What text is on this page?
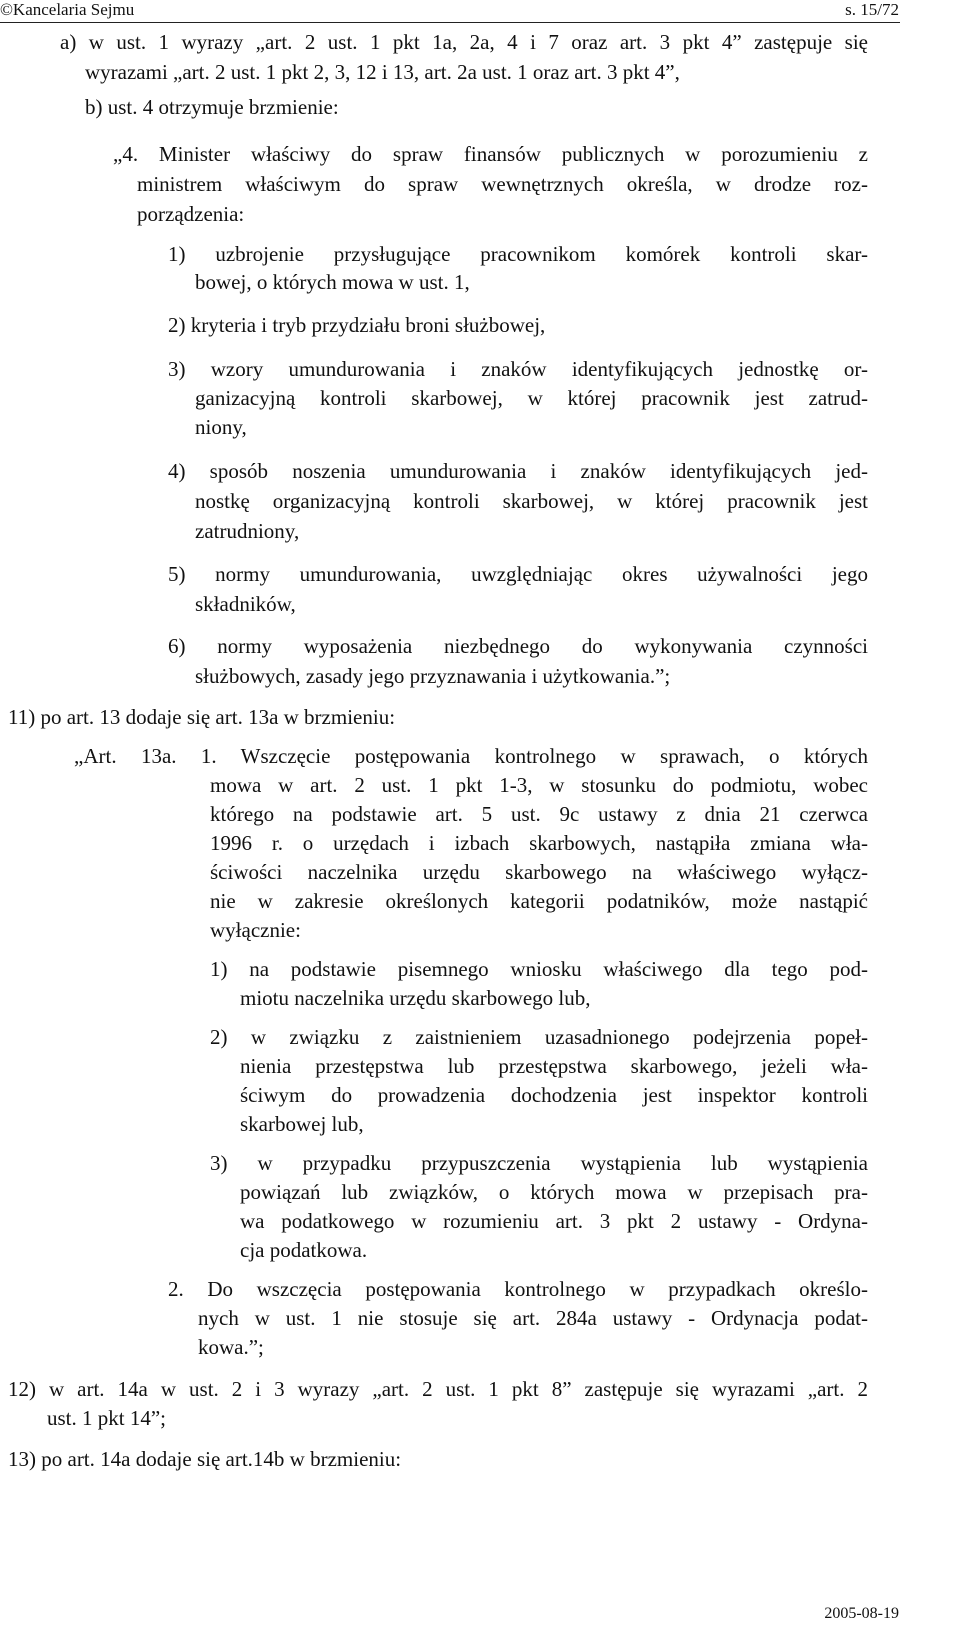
©Kancelaria Sejmu	s. 15/72
a) w ust. 1 wyrazy „art. 2 ust. 1 pkt 1a, 2a, 4 i 7 oraz art. 3 pkt 4” zastępuje się
wyrazami „art. 2 ust. 1 pkt 2, 3, 12 i 13, art. 2a ust. 1 oraz art. 3 pkt 4”,
b) ust. 4 otrzymuje brzmienie:
„4. Minister właściwy do spraw finansów publicznych w porozumieniu z
ministrem właściwym do spraw wewnętrznych określa, w drodze roz-
porządzenia:
1) uzbrojenie przysługujące pracownikom komórek kontroli skar-
bowej, o których mowa w ust. 1,
2) kryteria i tryb przydziału broni służbowej,
3) wzory umundurowania i znaków identyfikujących jednostkę or-
ganizacyjną kontroli skarbowej, w której pracownik jest zatrud-
niony,
4) sposób noszenia umundurowania i znaków identyfikujących jed-
nostkę organizacyjną kontroli skarbowej, w której pracownik jest
zatrudniony,
5) normy umundurowania, uwzględniając okres używalności jego
składników,
6) normy wyposażenia niezbędnego do wykonywania czynności
służbowych, zasady jego przyznawania i użytkowania.”;
11) po art. 13 dodaje się art. 13a w brzmieniu:
„Art. 13a. 1. Wszczęcie postępowania kontrolnego w sprawach, o których
mowa w art. 2 ust. 1 pkt 1-3, w stosunku do podmiotu, wobec
którego na podstawie art. 5 ust. 9c ustawy z dnia 21 czerwca
1996 r. o urzędach i izbach skarbowych, nastąpiła zmiana wła-
ściwości naczelnika urzędu skarbowego na właściwego wyłącz-
nie w zakresie określonych kategorii podatników, może nastąpić
wyłącznie:
1) na podstawie pisemnego wniosku właściwego dla tego pod-
miotu naczelnika urzędu skarbowego lub,
2) w związku z zaistnieniem uzasadnionego podejrzenia popeł-
nienia przestępstwa lub przestępstwa skarbowego, jeżeli wła-
ściwym do prowadzenia dochodzenia jest inspektor kontroli
skarbowej lub,
3) w przypadku przypuszczenia wystąpienia lub wystąpienia
powiązań lub związków, o których mowa w przepisach pra-
wa podatkowego w rozumieniu art. 3 pkt 2 ustawy - Ordyna-
cja podatkowa.
2. Do wszczęcia postępowania kontrolnego w przypadkach określo-
nych w ust. 1 nie stosuje się art. 284a ustawy - Ordynacja podat-
kowa.”;
12) w art. 14a w ust. 2 i 3 wyrazy „art. 2 ust. 1 pkt 8” zastępuje się wyrazami „art. 2
ust. 1 pkt 14”;
13) po art. 14a dodaje się art.14b w brzmieniu:
2005-08-19
